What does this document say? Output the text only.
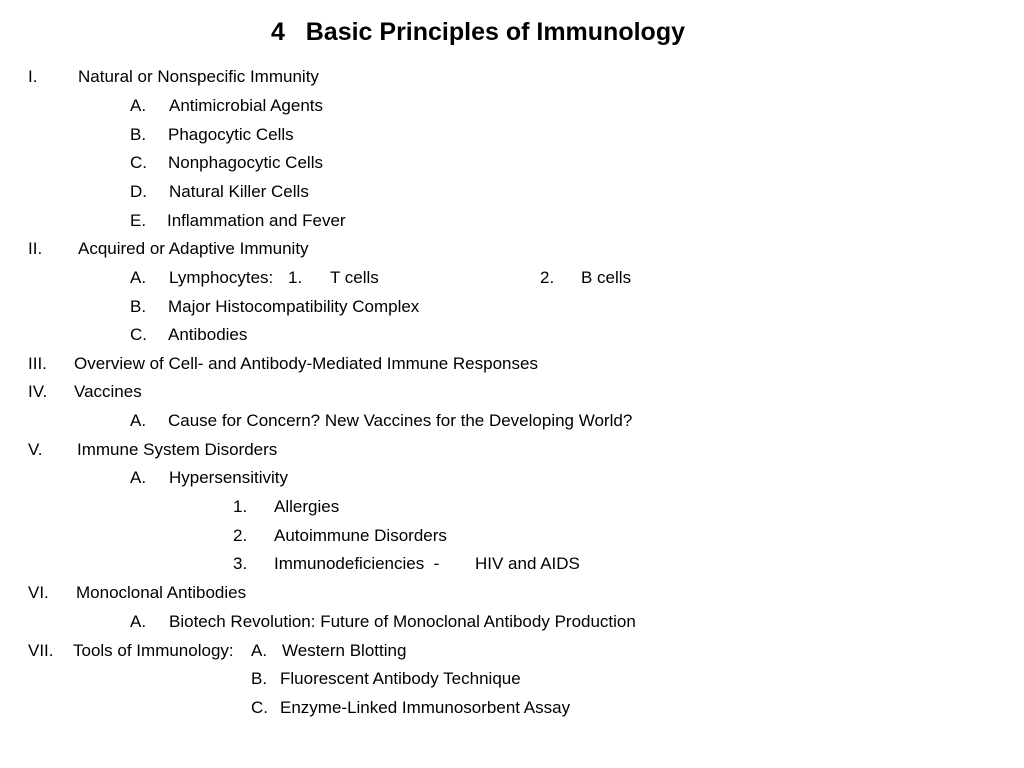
4   Basic Principles of Immunology
I. Natural or Nonspecific Immunity
A. Antimicrobial Agents
B. Phagocytic Cells
C. Nonphagocytic Cells
D. Natural Killer Cells
E. Inflammation and Fever
II. Acquired or Adaptive Immunity
A. Lymphocytes: 1. T cells	2. B cells
B. Major Histocompatibility Complex
C. Antibodies
III. Overview of Cell- and Antibody-Mediated Immune Responses
IV. Vaccines
A. Cause for Concern? New Vaccines for the Developing World?
V. Immune System Disorders
A. Hypersensitivity
1. Allergies
2. Autoimmune Disorders
3. Immunodeficiencies  - HIV and AIDS
VI. Monoclonal Antibodies
A. Biotech Revolution: Future of Monoclonal Antibody Production
VII. Tools of Immunology: A. Western Blotting
B. Fluorescent Antibody Technique
C. Enzyme-Linked Immunosorbent Assay
